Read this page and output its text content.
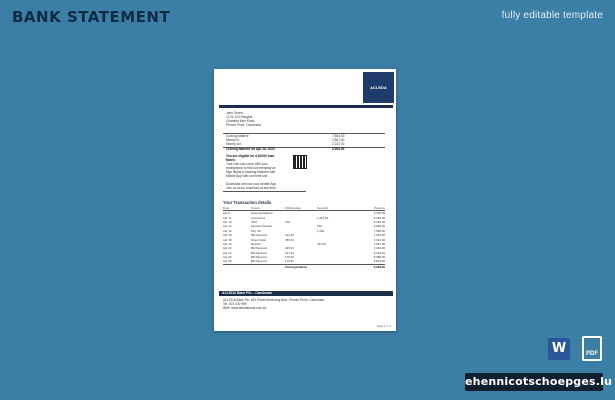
BANK STATEMENT	fully editable template
ACLEDA
Jane Green,
12 St 123 Sangkat
Chamkar Mon Khan
Phnom Penh, Cambodia
Closing balance	7,864.00
Money in	2,561.00
Money out	2,222.00
Closing balance on Apr 28, 2023	5,508.00
You are eligible for a $1000 loan
Notes
Your loan can come with your
smartphone to find out everyday as
high flights & banking features with
Mobile App with one time use
Download and use your Mobile App
Join us at our branches at any time
Your Transaction details
Date	Details	Withdrawals	Deposits	Balance
Apr 8	Opening balance			5,100.00
Apr 11	Investment		1,212.00	6,236.00
Apr 12	ATM	100		6,136.00
Apr 13	Internet Transfer		700	6,836.00
Apr 16	Pay roll		1,200	7,836.00
Apr 18	Bill Payment	142.22		7,691.00
Apr 18	Direct Debit	250.00		7,441.00
Apr 20	Deposit		244.00	7,697.00
Apr 22	Bill Payment	225.23		7,402.00
Apr 24	Bill Payment	227.30		6,164.00
Apr 26	Bill Payment	175.00		5,988.00
Apr 28	Bill Payment	175.00		5,813.00
		Closing balance		5,508.00
ACLEDA Bank Plc. - Cambodia
ACLEDA Bank Plc. #61 Preah Monivong Blvd, Phnom Penh, Cambodia
Tel: 023 430 999
Web: www.acledabank.com.kh
Page 1 of 1
W	PDF
ehennicotschoepges.lu
